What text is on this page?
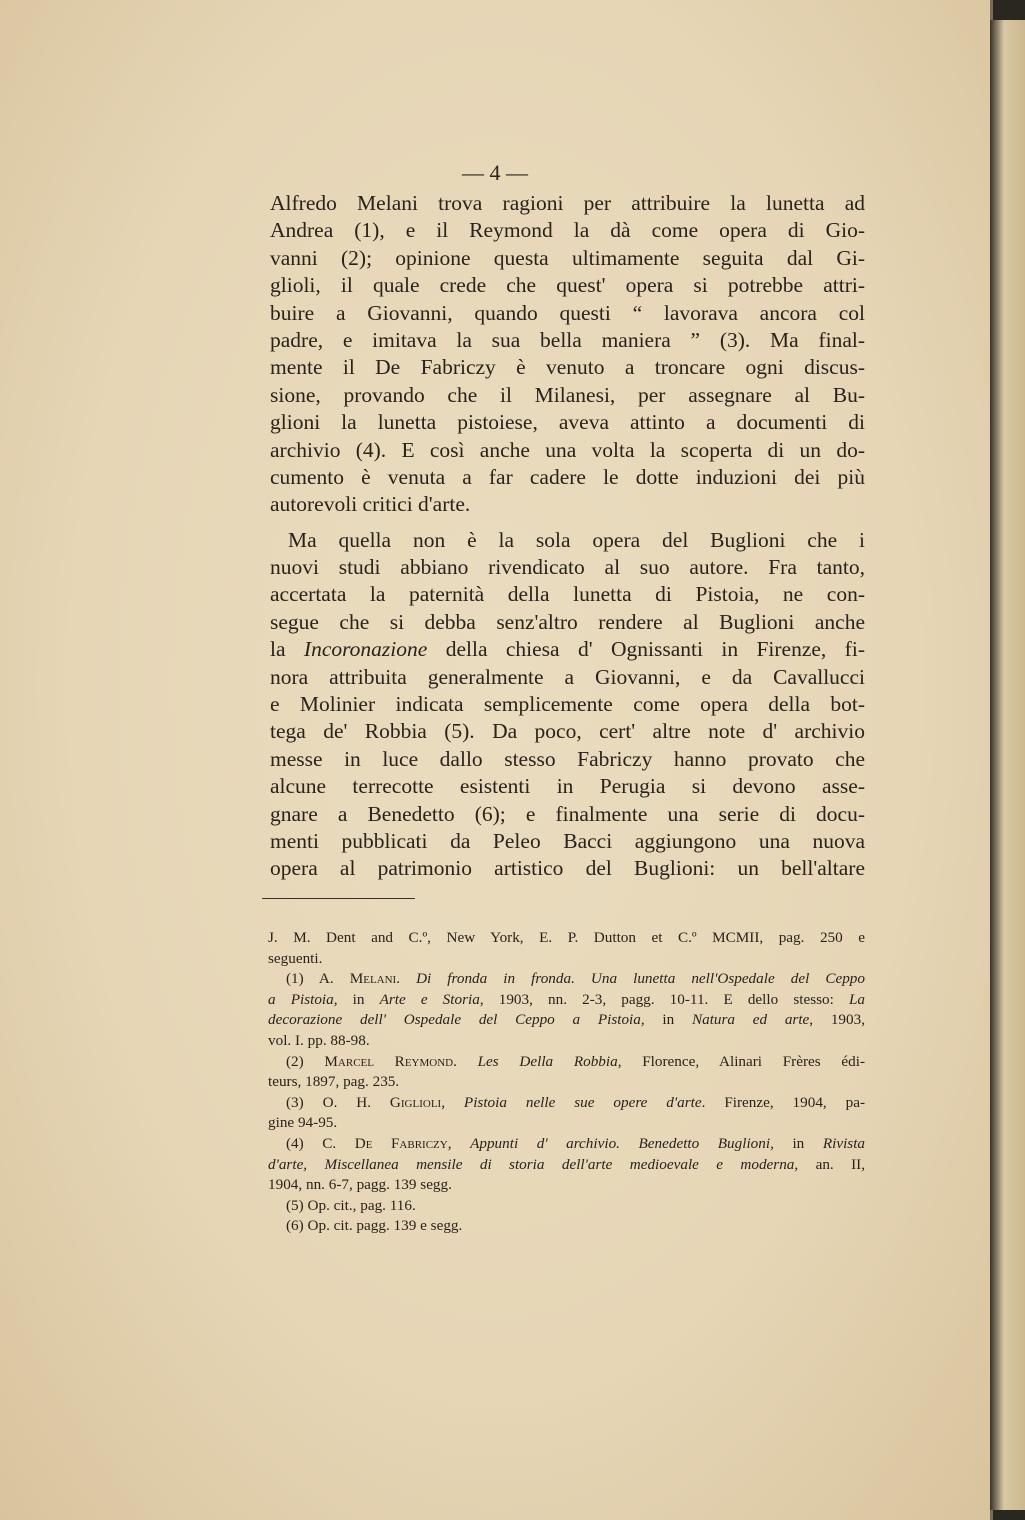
— 4 —
Alfredo Melani trova ragioni per attribuire la lunetta ad
Andrea (1), e il Reymond la dà come opera di Gio-
vanni (2); opinione questa ultimamente seguita dal Gi-
glioli, il quale crede che quest' opera si potrebbe attri-
buire a Giovanni, quando questi “ lavorava ancora col
padre, e imitava la sua bella maniera ” (3). Ma final-
mente il De Fabriczy è venuto a troncare ogni discus-
sione, provando che il Milanesi, per assegnare al Bu-
glioni la lunetta pistoiese, aveva attinto a documenti di
archivio (4). E così anche una volta la scoperta di un do-
cumento è venuta a far cadere le dotte induzioni dei più
autorevoli critici d'arte.
Ma quella non è la sola opera del Buglioni che i
nuovi studi abbiano rivendicato al suo autore. Fra tanto,
accertata la paternità della lunetta di Pistoia, ne con-
segue che si debba senz'altro rendere al Buglioni anche
la Incoronazione della chiesa d' Ognissanti in Firenze, fi-
nora attribuita generalmente a Giovanni, e da Cavallucci
e Molinier indicata semplicemente come opera della bot-
tega de' Robbia (5). Da poco, cert' altre note d' archivio
messe in luce dallo stesso Fabriczy hanno provato che
alcune terrecotte esistenti in Perugia si devono asse-
gnare a Benedetto (6); e finalmente una serie di docu-
menti pubblicati da Peleo Bacci aggiungono una nuova
opera al patrimonio artistico del Buglioni: un bell'altare
J. M. Dent and C.º, New York, E. P. Dutton et C.º MCMII, pag. 250 e
seguenti.
(1) A. Melani. Di fronda in fronda. Una lunetta nell'Ospedale del Ceppo
a Pistoia, in Arte e Storia, 1903, nn. 2-3, pagg. 10-11. E dello stesso: La
decorazione dell' Ospedale del Ceppo a Pistoia, in Natura ed arte, 1903,
vol. I. pp. 88-98.
(2) Marcel Reymond. Les Della Robbia, Florence, Alinari Frères édi-
teurs, 1897, pag. 235.
(3) O. H. Giglioli, Pistoia nelle sue opere d'arte. Firenze, 1904, pa-
gine 94-95.
(4) C. De Fabriczy, Appunti d' archivio. Benedetto Buglioni, in Rivista
d'arte, Miscellanea mensile di storia dell'arte medioevale e moderna, an. II,
1904, nn. 6-7, pagg. 139 segg.
(5) Op. cit., pag. 116.
(6) Op. cit. pagg. 139 e segg.
